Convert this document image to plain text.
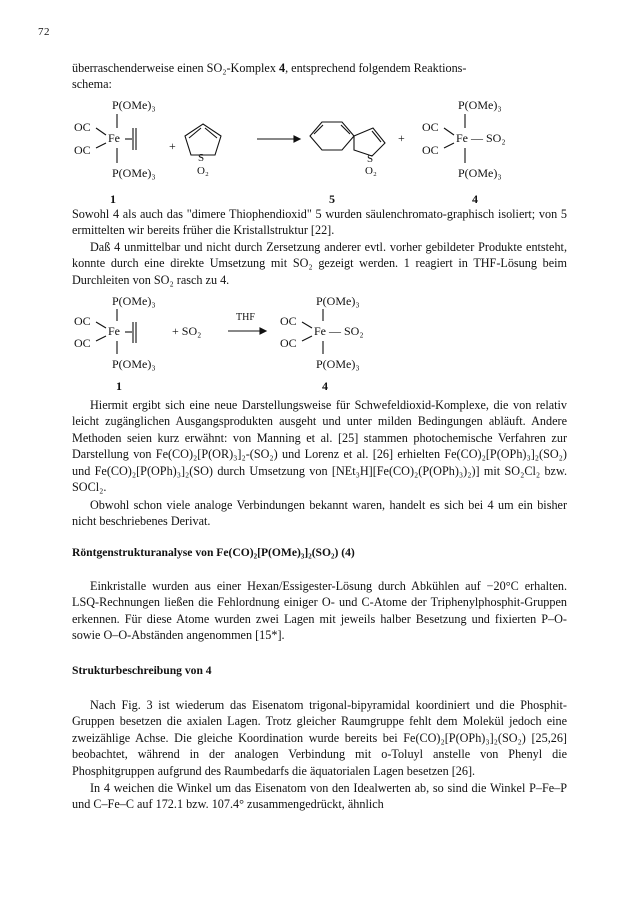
72

überraschenderweise einen SO₂-Komplex 4, entsprechend folgendem Reaktions-
schema:

P(OMe)₃
OC
Fe
OC
P(OMe)₃
+
S
O₂
S
O₂
+
P(OMe)₃
OC
Fe — SO₂
OC
P(OMe)₃
1	5	4

Sowohl 4 als auch das "dimere Thiophendioxid" 5 wurden säulenchromato-graphisch isoliert; von 5 ermittelten wir bereits früher die Kristallstruktur [22].

Daß 4 unmittelbar und nicht durch Zersetzung anderer evtl. vorher gebildeter Produkte entsteht, konnte durch eine direkte Umsetzung mit SO₂ gezeigt werden. 1 reagiert in THF-Lösung beim Durchleiten von SO₂ rasch zu 4.

P(OMe)₃
OC
Fe
OC
P(OMe)₃
+ SO₂
THF
P(OMe)₃
OC
Fe — SO₂
OC
P(OMe)₃
1	4

Hiermit ergibt sich eine neue Darstellungsweise für Schwefeldioxid-Komplexe, die von relativ leicht zugänglichen Ausgangsprodukten ausgeht und unter milden Bedingungen abläuft. Andere Methoden seien kurz erwähnt: von Manning et al. [25] stammen photochemische Verfahren zur Darstellung von Fe(CO)₂[P(OR)₃]₂-(SO₂) und Lorenz et al. [26] erhielten Fe(CO)₂[P(OPh)₃]₂(SO₂) und Fe(CO)₂[P(OPh)₃]₂(SO) durch Umsetzung von [NEt₃H][Fe(CO)₂(P(OPh)₃)₂)] mit SO₂Cl₂ bzw. SOCl₂.

Obwohl schon viele analoge Verbindungen bekannt waren, handelt es sich bei 4 um ein bisher nicht beschriebenes Derivat.

Röntgenstrukturanalyse von Fe(CO)₂[P(OMe)₃]₂(SO₂) (4)

Einkristalle wurden aus einer Hexan/Essigester-Lösung durch Abkühlen auf −20°C erhalten. LSQ-Rechnungen ließen die Fehlordnung einiger O- und C-Atome der Triphenylphosphit-Gruppen erkennen. Für diese Atome wurden zwei Lagen mit jeweils halber Besetzung und fixierten P–O- sowie O–O-Abständen angenommen [15*].

Strukturbeschreibung von 4

Nach Fig. 3 ist wiederum das Eisenatom trigonal-bipyramidal koordiniert und die Phosphit-Gruppen besetzen die axialen Lagen. Trotz gleicher Raumgruppe fehlt dem Molekül jedoch eine zweizählige Achse. Die gleiche Koordination wurde bereits bei Fe(CO)₂[P(OPh)₃]₂(SO₂) [25,26] beobachtet, während in der analogen Verbindung mit o-Toluyl anstelle von Phenyl die Phosphitgruppen aufgrund des Raumbedarfs die äquatorialen Lagen besetzen [26].

In 4 weichen die Winkel um das Eisenatom von den Idealwerten ab, so sind die Winkel P–Fe–P und C–Fe–C auf 172.1 bzw. 107.4° zusammengedrückt, ähnlich
